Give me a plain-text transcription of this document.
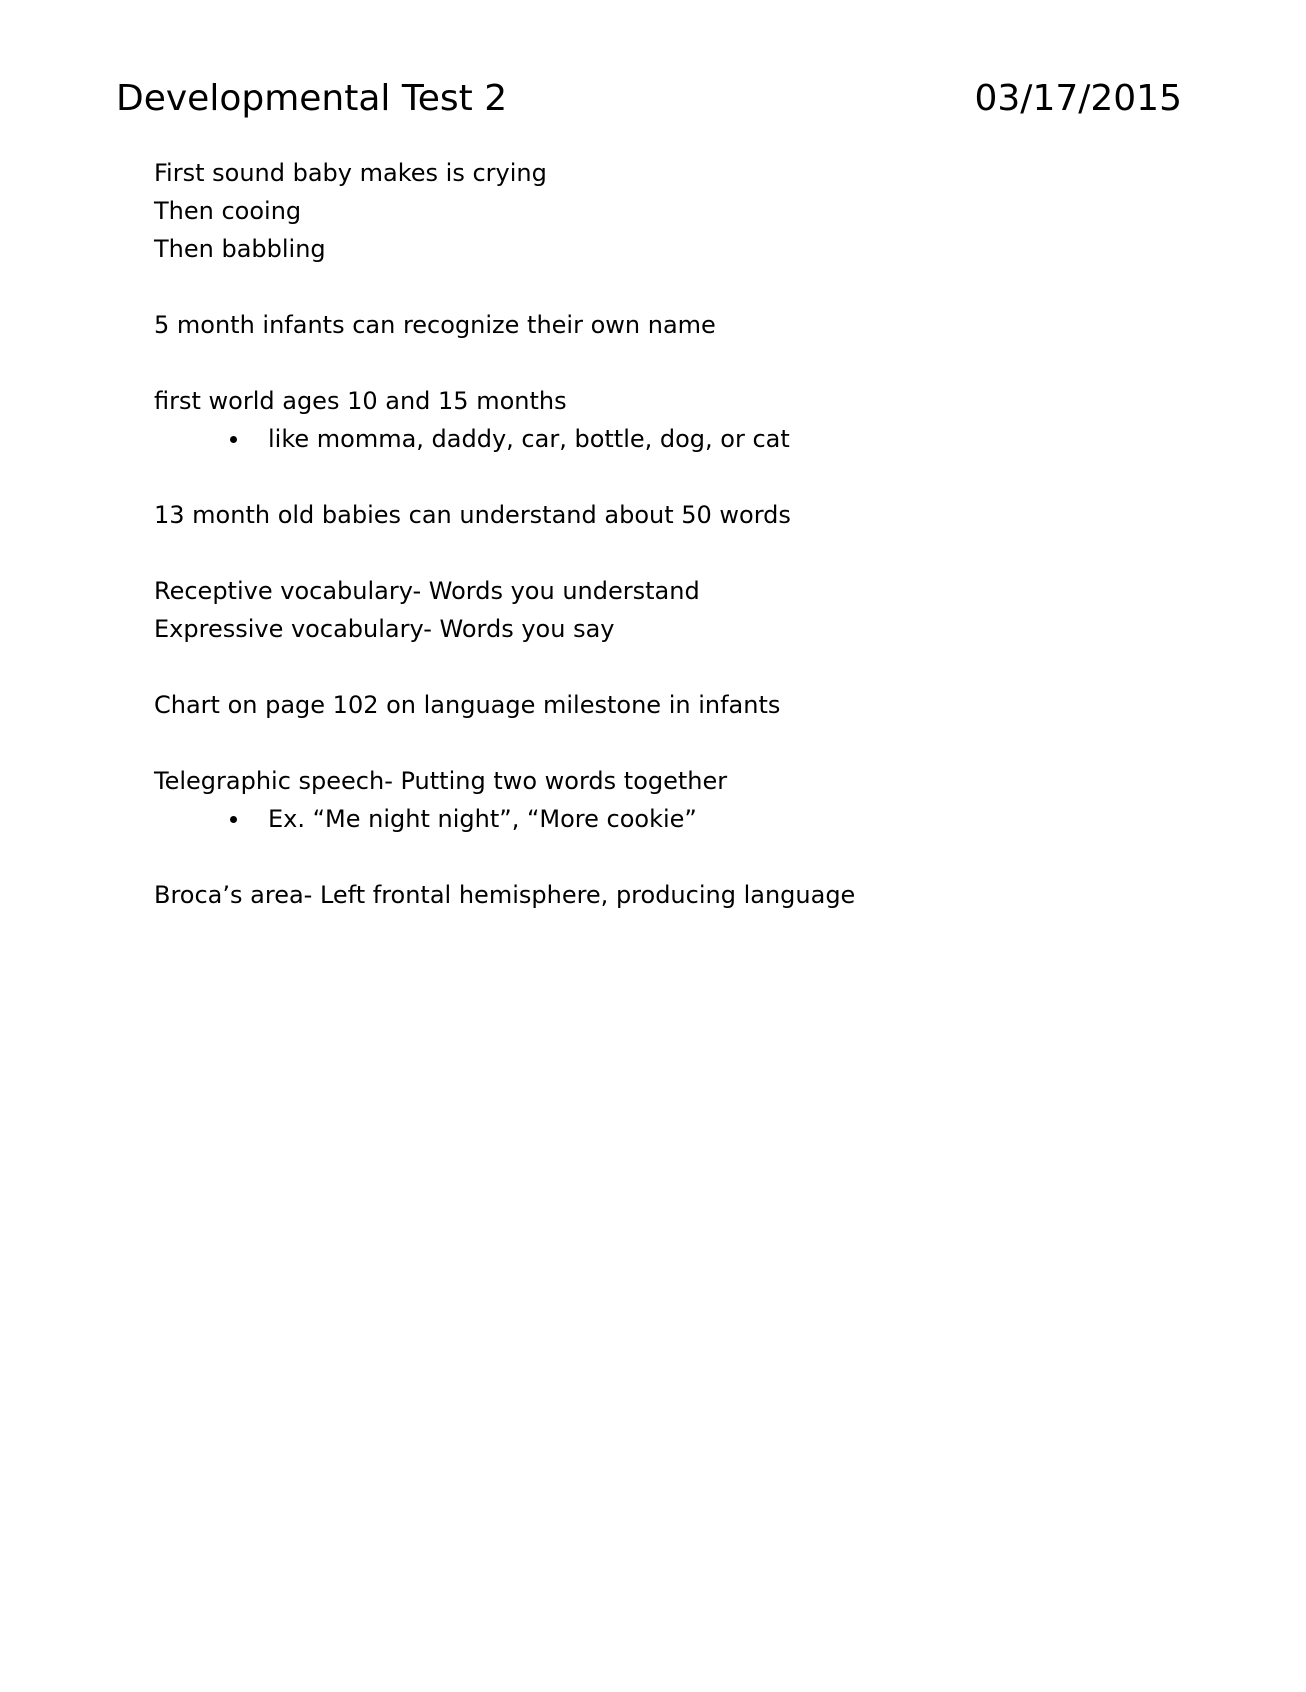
Developmental Test 2	03/17/2015
First sound baby makes is crying
Then cooing
Then babbling
5 month infants can recognize their own name
first world ages 10 and 15 months
like momma, daddy, car, bottle, dog, or cat
13 month old babies can understand about 50 words
Receptive vocabulary- Words you understand
Expressive vocabulary- Words you say
Chart on page 102 on language milestone in infants
Telegraphic speech- Putting two words together
Ex. “Me night night”, “More cookie”
Broca’s area- Left frontal hemisphere, producing language
